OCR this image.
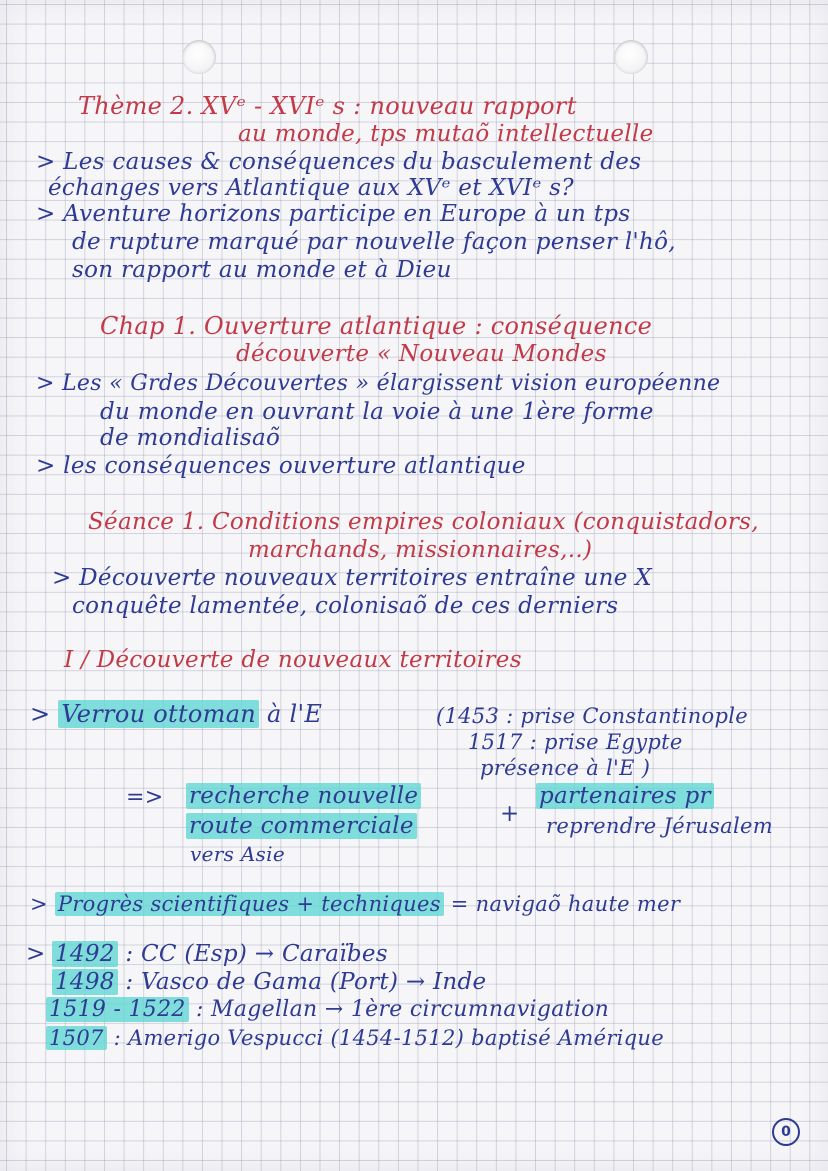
Thème 2. XVᵉ - XVIᵉ s : nouveau rapport
au monde, tps mutaõ intellectuelle
> Les causes & conséquences du basculement des
échanges vers Atlantique aux XVᵉ et XVIᵉ s?
> Aventure horizons participe en Europe à un tps
de rupture marqué par nouvelle façon penser l'hô,
son rapport au monde et à Dieu
Chap 1. Ouverture atlantique : conséquence
découverte « Nouveau Mondes
> Les « Grdes Découvertes » élargissent vision européenne
du monde en ouvrant la voie à une 1ère forme
de mondialisaõ
> les conséquences ouverture atlantique
Séance 1. Conditions empires coloniaux (conquistadors,
marchands, missionnaires,..)
> Découverte nouveaux territoires entraîne une X
conquête lamentée, colonisaõ de ces derniers
I / Découverte de nouveaux territoires
> Verrou ottoman à l'E	(1453 : prise Constantinople
1517 : prise Egypte
présence à l'E )
=> recherche nouvelle
route commerciale
vers Asie
+
partenaires pr
reprendre Jérusalem
> Progrès scientifiques + techniques = navigaõ haute mer
> 1492 : CC (Esp) → Caraïbes
1498 : Vasco de Gama (Port) → Inde
1519 - 1522 : Magellan → 1ère circumnavigation
1507 : Amerigo Vespucci (1454-1512) baptisé Amérique
0
